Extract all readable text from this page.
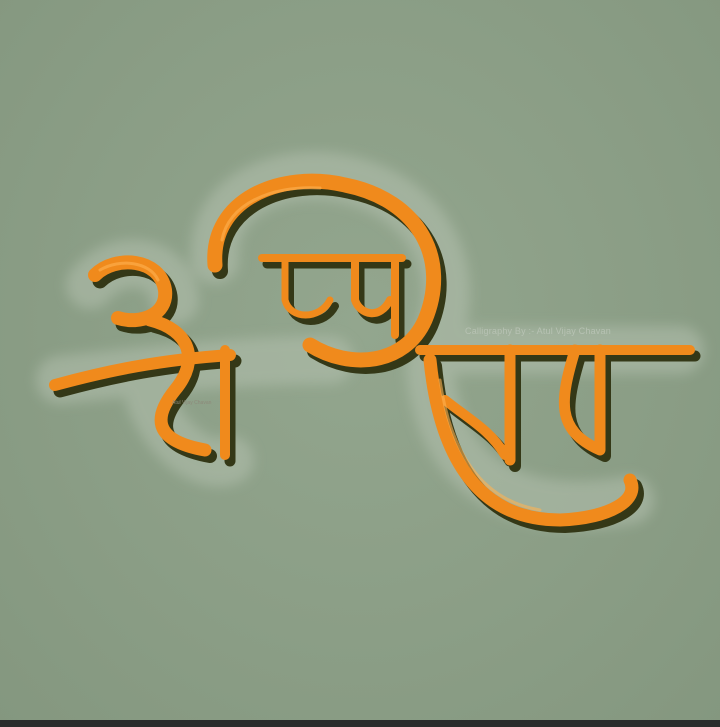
Calligraphy By :- Atul Vijay Chavan
Atul Vijay Chavan
